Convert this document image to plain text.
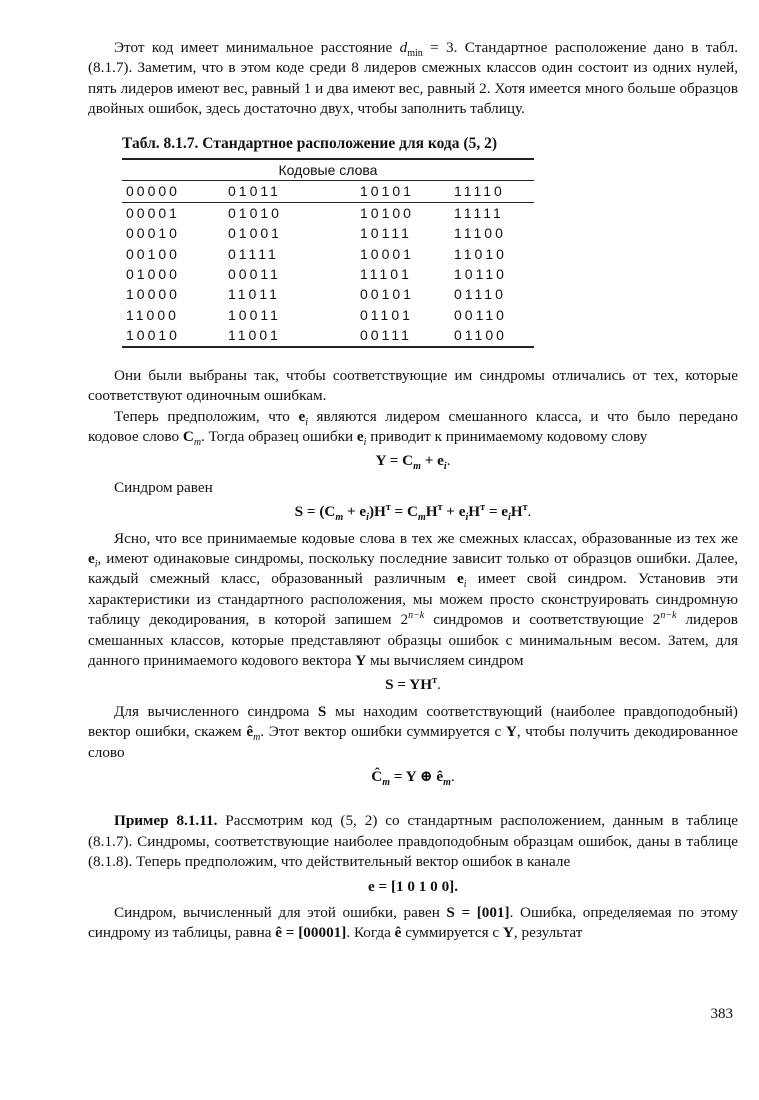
Этот код имеет минимальное расстояние $d_{min} = 3$. Стандартное расположение дано в табл. (8.1.7). Заметим, что в этом коде среди 8 лидеров смежных классов один состоит из одних нулей, пять лидеров имеют вес, равный 1 и два имеют вес, равный 2. Хотя имеется много больше образцов двойных ошибок, здесь достаточно двух, чтобы заполнить таблицу.

Табл. 8.1.7. Стандартное расположение для кода (5, 2)
Кодовые слова			
00000	01011	10101	11110
00001	01010	10100	11111
00010	01001	10111	11100
00100	01111	10001	11010
01000	00011	11101	10110
10000	11011	00101	01110
11000	10011	01101	00110
10010	11001	00111	01100

Они были выбраны так, чтобы соответствующие им синдромы отличались от тех, которые соответствуют одиночным ошибкам.

Теперь предположим, что $e_i$ являются лидером смешанного класса, и что было передано кодовое слово $C_m$. Тогда образец ошибки $e_i$ приводит к принимаемому кодовому слову

$Y = C_m + e_i$.

Синдром равен

$S = (C_m + e_i)H^т = C_mH^т + e_iH^т = e_iH^т$.

Ясно, что все принимаемые кодовые слова в тех же смежных классах, образованные из тех же $e_i$, имеют одинаковые синдромы, поскольку последние зависит только от образцов ошибки. Далее, каждый смежный класс, образованный различным $e_i$ имеет свой синдром. Установив эти характеристики из стандартного расположения, мы можем просто сконструировать синдромную таблицу декодирования, в которой запишем $2^{n-k}$ синдромов и соответствующие $2^{n-k}$ лидеров смешанных классов, которые представляют образцы ошибок с минимальным весом. Затем, для данного принимаемого кодового вектора Y мы вычисляем синдром

$S = YH^т$.

Для вычисленного синдрома S мы находим соответствующий (наиболее правдоподобный) вектор ошибки, скажем $ê_m$. Этот вектор ошибки суммируется с Y, чтобы получить декодированное слово

$Ĉ_m = Y$ ⊕ $ê_m$.

Пример 8.1.11. Рассмотрим код (5, 2) со стандартным расположением, данным в таблице (8.1.7). Синдромы, соответствующие наиболее правдоподобным образцам ошибок, даны в таблице (8.1.8). Теперь предположим, что действительный вектор ошибок в канале

e = [1 0 1 0 0].

Синдром, вычисленный для этой ошибки, равен S = [001]. Ошибка, определяемая по этому синдрому из таблицы, равна ê = [00001]. Когда ê суммируется с Y, результат

383
